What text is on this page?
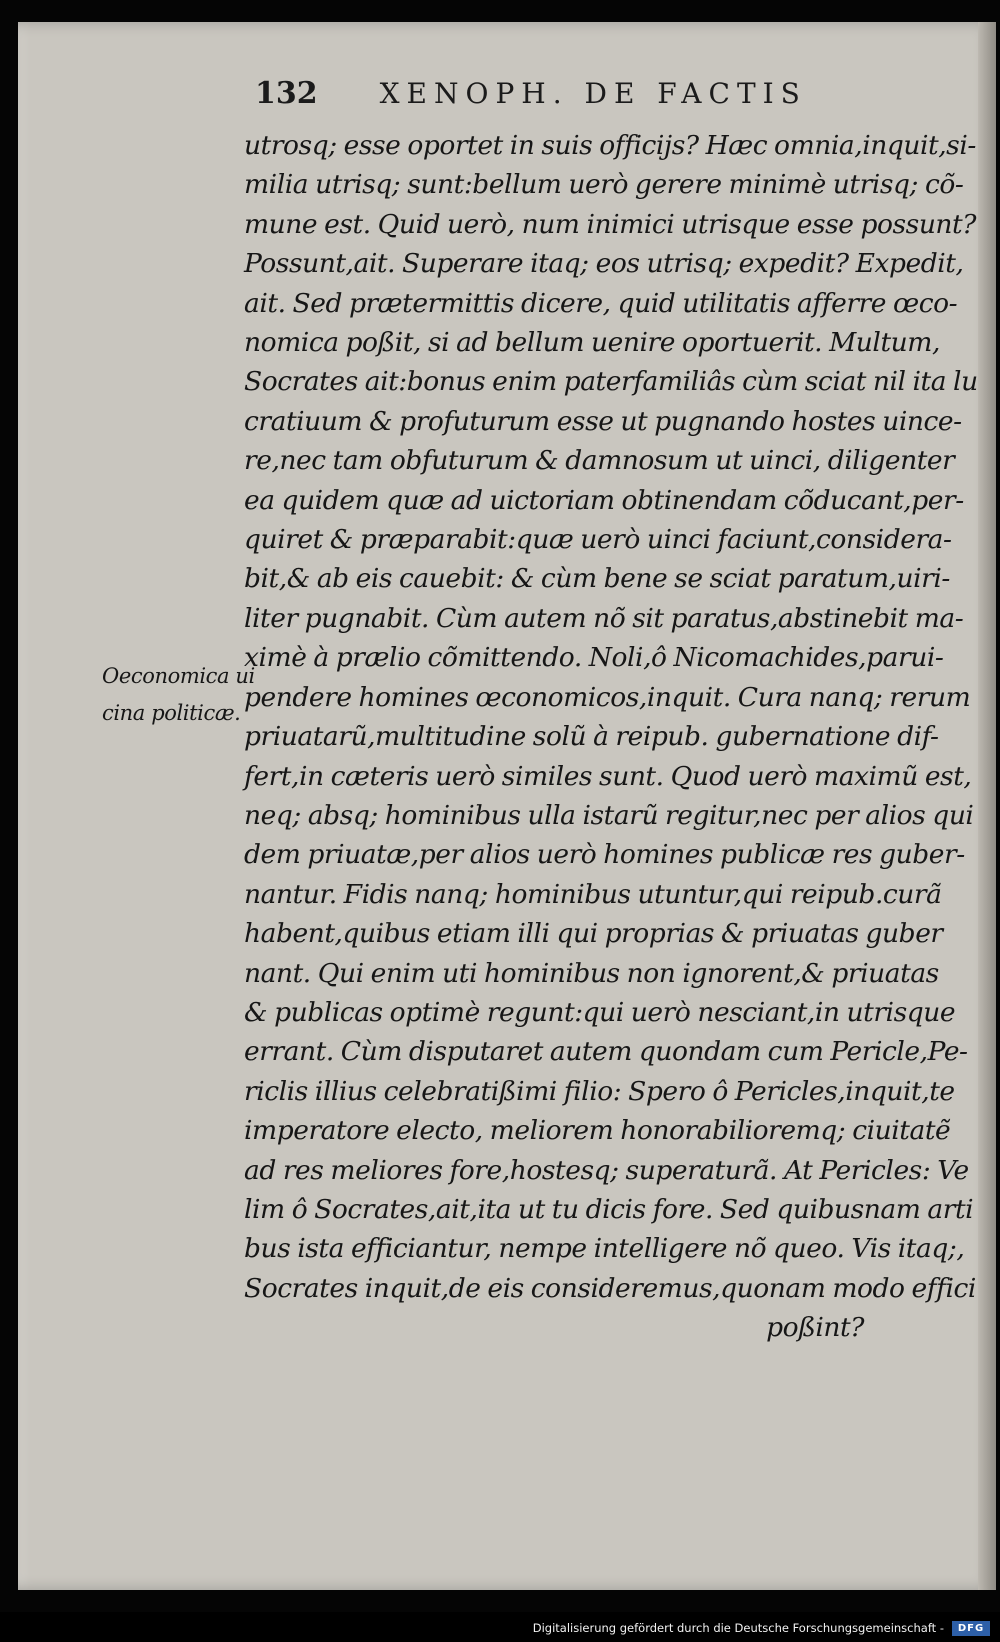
132 XENOPH. DE FACTIS
Oeconomica ui
cina politicæ.
utrosq; esse oportet in suis officijs? Hæc omnia,inquit,si-
milia utrisq; sunt:bellum uerò gerere minimè utrisq; cõ-
mune est. Quid uerò, num inimici utrisque esse possunt?
Possunt,ait. Superare itaq; eos utrisq; expedit? Expedit,
ait. Sed prætermittis dicere, quid utilitatis afferre œco-
nomica poßit, si ad bellum uenire oportuerit. Multum,
Socrates ait:bonus enim paterfamiliâs cùm sciat nil ita lu
cratiuum & profuturum esse ut pugnando hostes uince-
re,nec tam obfuturum & damnosum ut uinci, diligenter
ea quidem quæ ad uictoriam obtinendam cõducant,per-
quiret & præparabit:quæ uerò uinci faciunt,considera-
bit,& ab eis cauebit: & cùm bene se sciat paratum,uiri-
liter pugnabit. Cùm autem nõ sit paratus,abstinebit ma-
ximè à prælio cõmittendo. Noli,ô Nicomachides,parui-
pendere homines œconomicos,inquit. Cura nanq; rerum
priuatarũ,multitudine solũ à reipub. gubernatione dif-
fert,in cæteris uerò similes sunt. Quod uerò maximũ est,
neq; absq; hominibus ulla istarũ regitur,nec per alios qui
dem priuatæ,per alios uerò homines publicæ res guber-
nantur. Fidis nanq; hominibus utuntur,qui reipub.curã
habent,quibus etiam illi qui proprias & priuatas guber
nant. Qui enim uti hominibus non ignorent,& priuatas
& publicas optimè regunt:qui uerò nesciant,in utrisque
errant. Cùm disputaret autem quondam cum Pericle,Pe-
riclis illius celebratißimi filio: Spero ô Pericles,inquit,te
imperatore electo, meliorem honorabilioremq; ciuitatẽ
ad res meliores fore,hostesq; superaturã. At Pericles: Ve
lim ô Socrates,ait,ita ut tu dicis fore. Sed quibusnam arti
bus ista efficiantur, nempe intelligere nõ queo. Vis itaq;,
Socrates inquit,de eis consideremus,quonam modo effici
poßint?
Digitalisierung gefördert durch die Deutsche Forschungsgemeinschaft -	DFG
